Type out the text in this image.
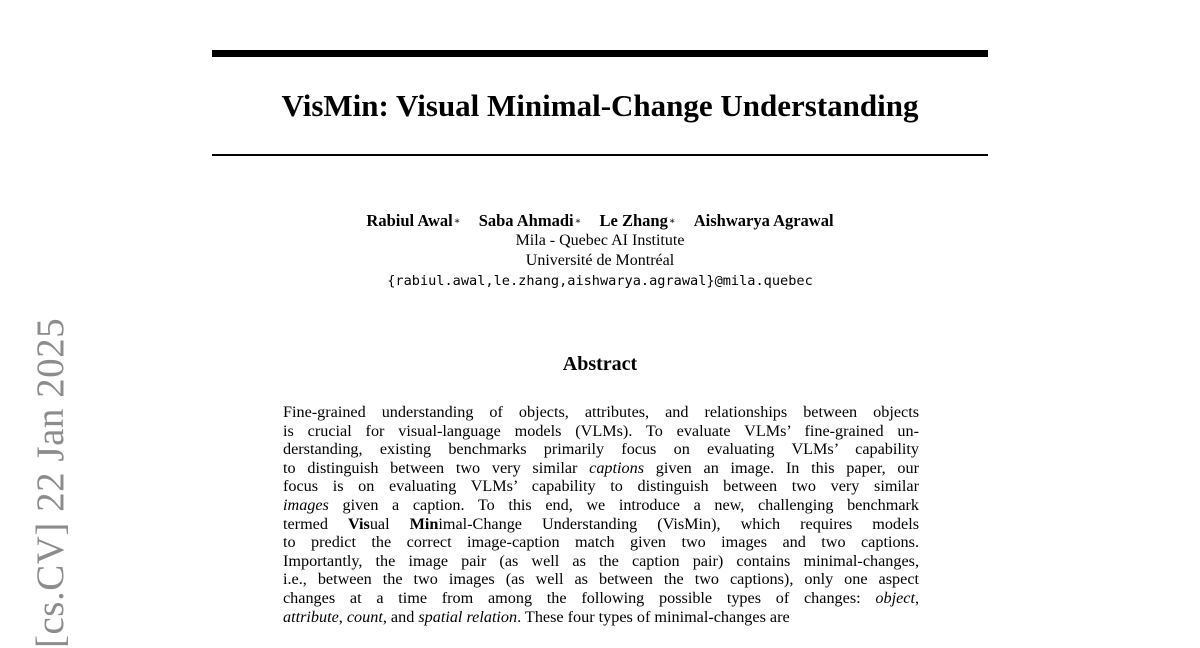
[cs.CV] 22 Jan 2025
VisMin: Visual Minimal-Change Understanding
Rabiul Awal∗ Saba Ahmadi∗ Le Zhang∗ Aishwarya Agrawal
Mila - Quebec AI Institute
Université de Montréal
{rabiul.awal,le.zhang,aishwarya.agrawal}@mila.quebec
Abstract
Fine-grained understanding of objects, attributes, and relationships between objects
is crucial for visual-language models (VLMs). To evaluate VLMs’ fine-grained un-
derstanding, existing benchmarks primarily focus on evaluating VLMs’ capability
to distinguish between two very similar captions given an image. In this paper, our
focus is on evaluating VLMs’ capability to distinguish between two very similar
images given a caption. To this end, we introduce a new, challenging benchmark
termed Visual Minimal-Change Understanding (VisMin), which requires models
to predict the correct image-caption match given two images and two captions.
Importantly, the image pair (as well as the caption pair) contains minimal-changes,
i.e., between the two images (as well as between the two captions), only one aspect
changes at a time from among the following possible types of changes: object,
attribute, count, and spatial relation. These four types of minimal-changes are
